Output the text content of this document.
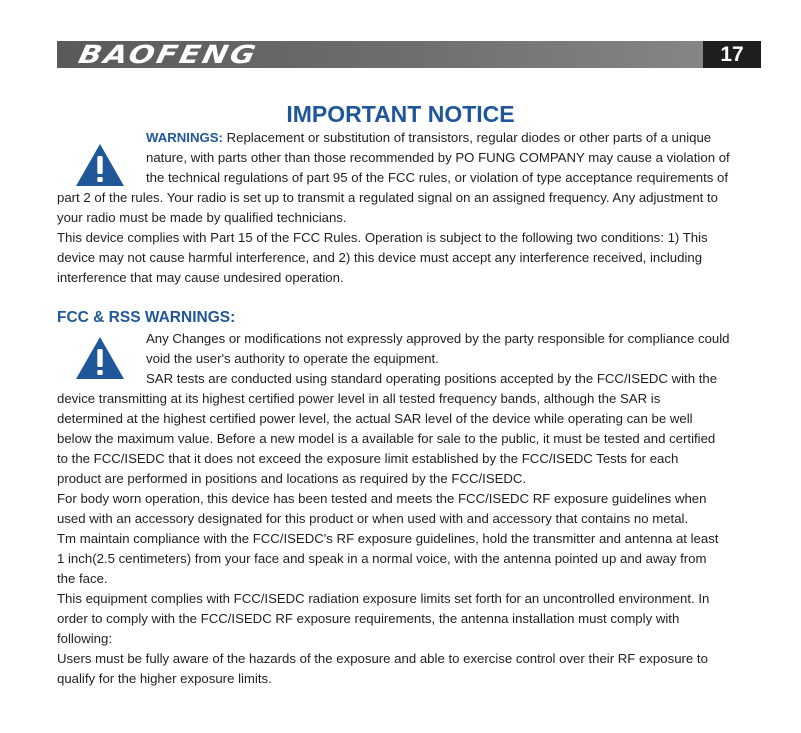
BAOFENG	17
IMPORTANT NOTICE
WARNINGS: Replacement or substitution of transistors, regular diodes or other parts of a unique
nature, with parts other than those recommended by PO FUNG COMPANY may cause a violation of
the technical regulations of part 95 of the FCC rules, or violation of type acceptance requirements of
part 2 of the rules. Your radio is set up to transmit a regulated signal on an assigned frequency. Any adjustment to
your radio must be made by qualified technicians.
This device complies with Part 15 of the FCC Rules. Operation is subject to the following two conditions: 1) This
device may not cause harmful interference, and 2) this device must accept any interference received, including
interference that may cause undesired operation.
FCC & RSS WARNINGS:
Any Changes or modifications not expressly approved by the party responsible for compliance could
void the user's authority to operate the equipment.
SAR tests are conducted using standard operating positions accepted by the FCC/ISEDC with the
device transmitting at its highest certified power level in all tested frequency bands, although the SAR is
determined at the highest certified power level, the actual SAR level of the device while operating can be well
below the maximum value. Before a new model is a available for sale to the public, it must be tested and certified
to the FCC/ISEDC that it does not exceed the exposure limit established by the FCC/ISEDC Tests for each
product are performed in positions and locations as required by the FCC/ISEDC.
For body worn operation, this device has been tested and meets the FCC/ISEDC RF exposure guidelines when
used with an accessory designated for this product or when used with and accessory that contains no metal.
Tm maintain compliance with the FCC/ISEDC's RF exposure guidelines, hold the transmitter and antenna at least
1 inch(2.5 centimeters) from your face and speak in a normal voice, with the antenna pointed up and away from
the face.
This equipment complies with FCC/ISEDC radiation exposure limits set forth for an uncontrolled environment. In
order to comply with the FCC/ISEDC RF exposure requirements, the antenna installation must comply with
following:
Users must be fully aware of the hazards of the exposure and able to exercise control over their RF exposure to
qualify for the higher exposure limits.
